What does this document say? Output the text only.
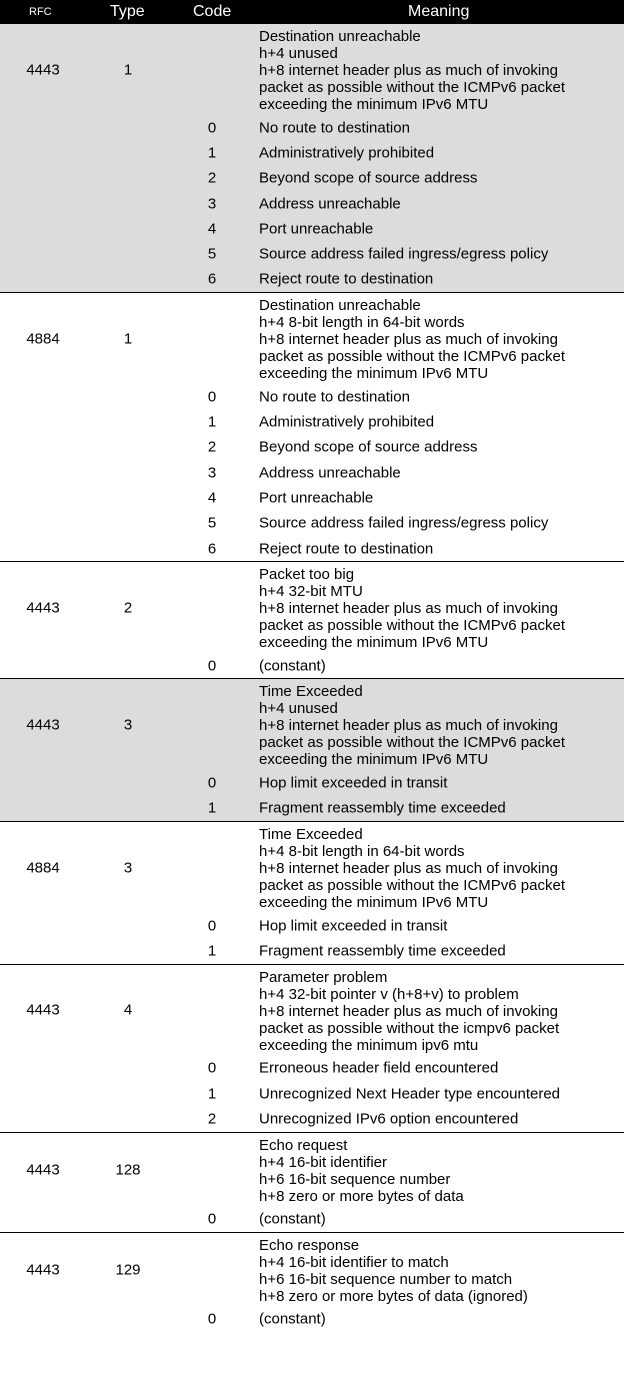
RFC	Type	Code	Meaning
4443	1
Destination unreachable
h+4 unused
h+8 internet header plus as much of invoking
packet as possible without the ICMPv6 packet
exceeding the minimum IPv6 MTU
0	No route to destination
1	Administratively prohibited
2	Beyond scope of source address
3	Address unreachable
4	Port unreachable
5	Source address failed ingress/egress policy
6	Reject route to destination
4884	1
Destination unreachable
h+4 8-bit length in 64-bit words
h+8 internet header plus as much of invoking
packet as possible without the ICMPv6 packet
exceeding the minimum IPv6 MTU
0	No route to destination
1	Administratively prohibited
2	Beyond scope of source address
3	Address unreachable
4	Port unreachable
5	Source address failed ingress/egress policy
6	Reject route to destination
4443	2
Packet too big
h+4 32-bit MTU
h+8 internet header plus as much of invoking
packet as possible without the ICMPv6 packet
exceeding the minimum IPv6 MTU
0	(constant)
4443	3
Time Exceeded
h+4 unused
h+8 internet header plus as much of invoking
packet as possible without the ICMPv6 packet
exceeding the minimum IPv6 MTU
0	Hop limit exceeded in transit
1	Fragment reassembly time exceeded
4884	3
Time Exceeded
h+4 8-bit length in 64-bit words
h+8 internet header plus as much of invoking
packet as possible without the ICMPv6 packet
exceeding the minimum IPv6 MTU
0	Hop limit exceeded in transit
1	Fragment reassembly time exceeded
4443	4
Parameter problem
h+4 32-bit pointer v (h+8+v) to problem
h+8 internet header plus as much of invoking
packet as possible without the icmpv6 packet
exceeding the minimum ipv6 mtu
0	Erroneous header field encountered
1	Unrecognized Next Header type encountered
2	Unrecognized IPv6 option encountered
4443	128
Echo request
h+4 16-bit identifier
h+6 16-bit sequence number
h+8 zero or more bytes of data
0	(constant)
4443	129
Echo response
h+4 16-bit identifier to match
h+6 16-bit sequence number to match
h+8 zero or more bytes of data (ignored)
0	(constant)
